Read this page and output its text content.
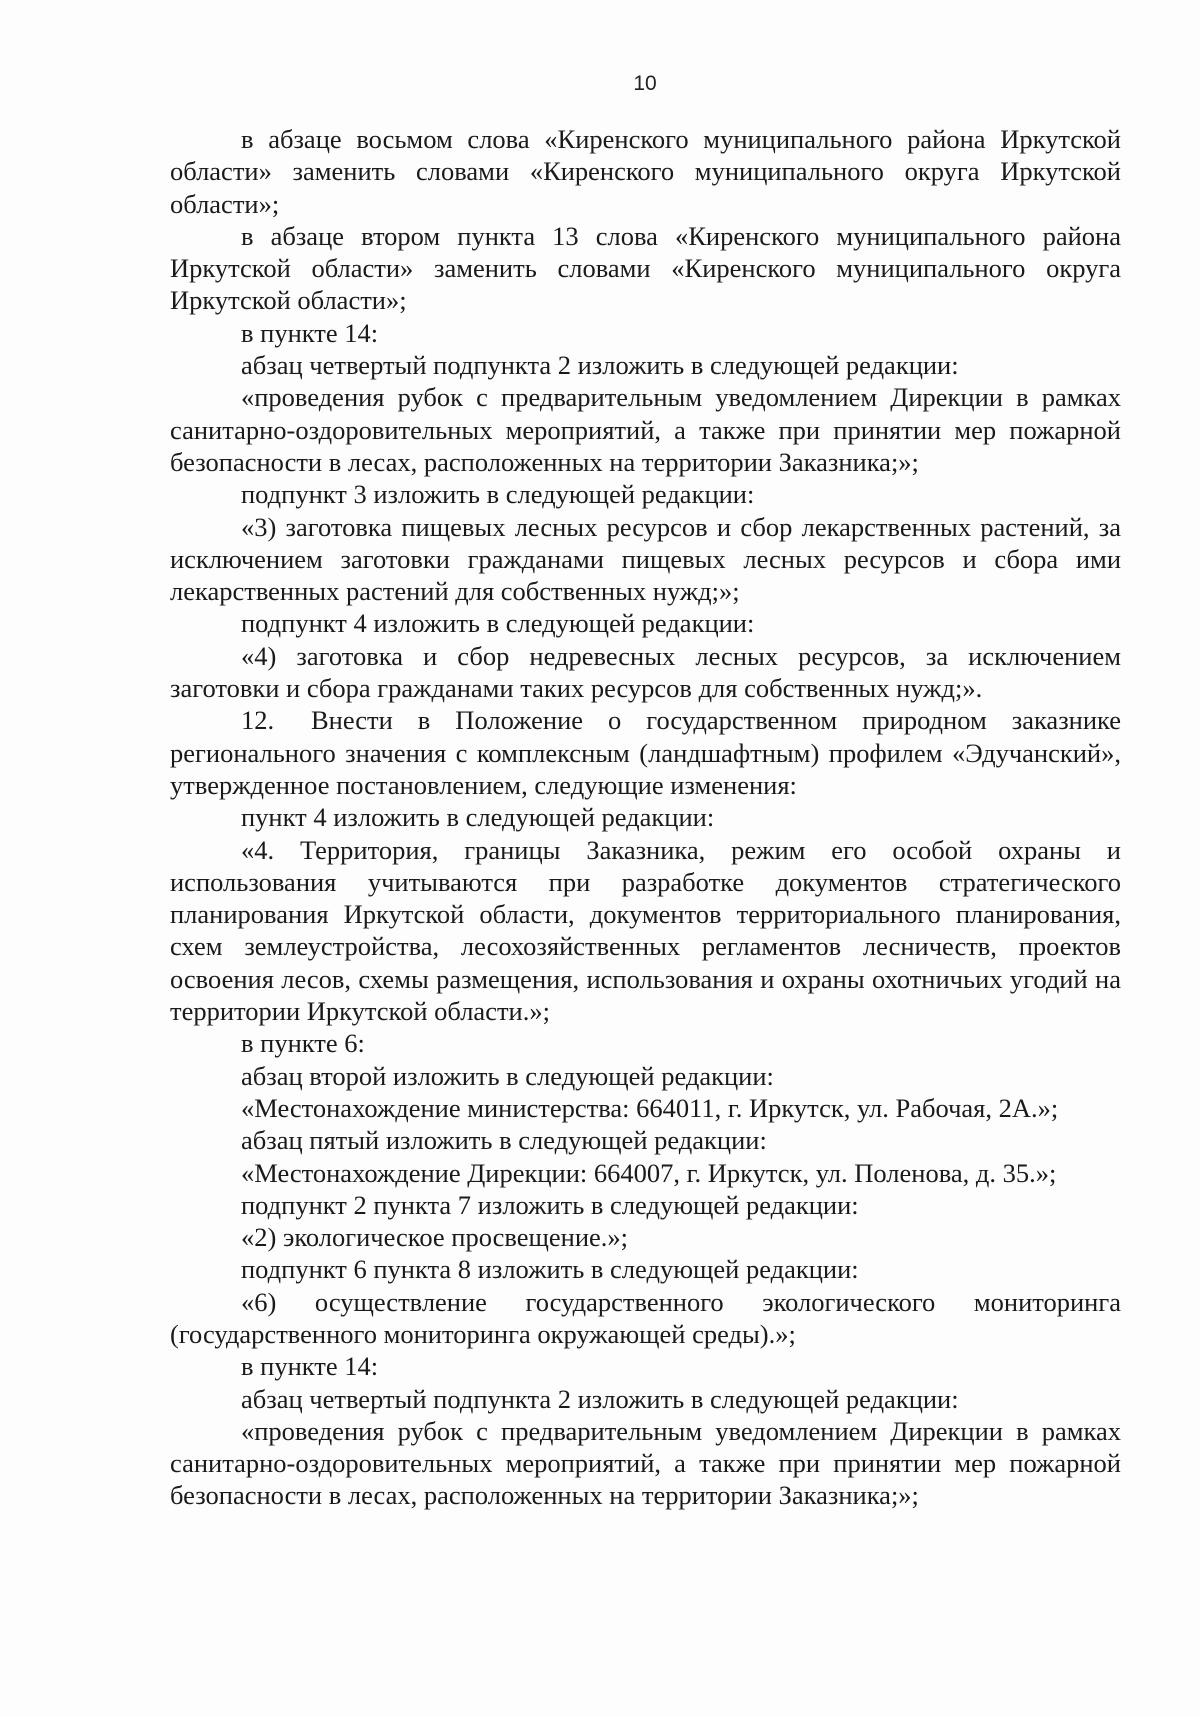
10

в абзаце восьмом слова «Киренского муниципального района Иркутской области» заменить словами «Киренского муниципального округа Иркутской области»;

в абзаце втором пункта 13 слова «Киренского муниципального района Иркутской области» заменить словами «Киренского муниципального округа Иркутской области»;

в пункте 14:

абзац четвертый подпункта 2 изложить в следующей редакции:

«проведения рубок с предварительным уведомлением Дирекции в рамках санитарно-оздоровительных мероприятий, а также при принятии мер пожарной безопасности в лесах, расположенных на территории Заказника;»;

подпункт 3 изложить в следующей редакции:

«3) заготовка пищевых лесных ресурсов и сбор лекарственных растений, за исключением заготовки гражданами пищевых лесных ресурсов и сбора ими лекарственных растений для собственных нужд;»;

подпункт 4 изложить в следующей редакции:

«4) заготовка и сбор недревесных лесных ресурсов, за исключением заготовки и сбора гражданами таких ресурсов для собственных нужд;».

12. Внести в Положение о государственном природном заказнике регионального значения с комплексным (ландшафтным) профилем «Эдучанский», утвержденное постановлением, следующие изменения:

пункт 4 изложить в следующей редакции:

«4. Территория, границы Заказника, режим его особой охраны и использования учитываются при разработке документов стратегического планирования Иркутской области, документов территориального планирования, схем землеустройства, лесохозяйственных регламентов лесничеств, проектов освоения лесов, схемы размещения, использования и охраны охотничьих угодий на территории Иркутской области.»;

в пункте 6:

абзац второй изложить в следующей редакции:

«Местонахождение министерства: 664011, г. Иркутск, ул. Рабочая, 2А.»;

абзац пятый изложить в следующей редакции:

«Местонахождение Дирекции: 664007, г. Иркутск, ул. Поленова, д. 35.»;

подпункт 2 пункта 7 изложить в следующей редакции:

«2) экологическое просвещение.»;

подпункт 6 пункта 8 изложить в следующей редакции:

«6) осуществление государственного экологического мониторинга (государственного мониторинга окружающей среды).»;

в пункте 14:

абзац четвертый подпункта 2 изложить в следующей редакции:

«проведения рубок с предварительным уведомлением Дирекции в рамках санитарно-оздоровительных мероприятий, а также при принятии мер пожарной безопасности в лесах, расположенных на территории Заказника;»;
